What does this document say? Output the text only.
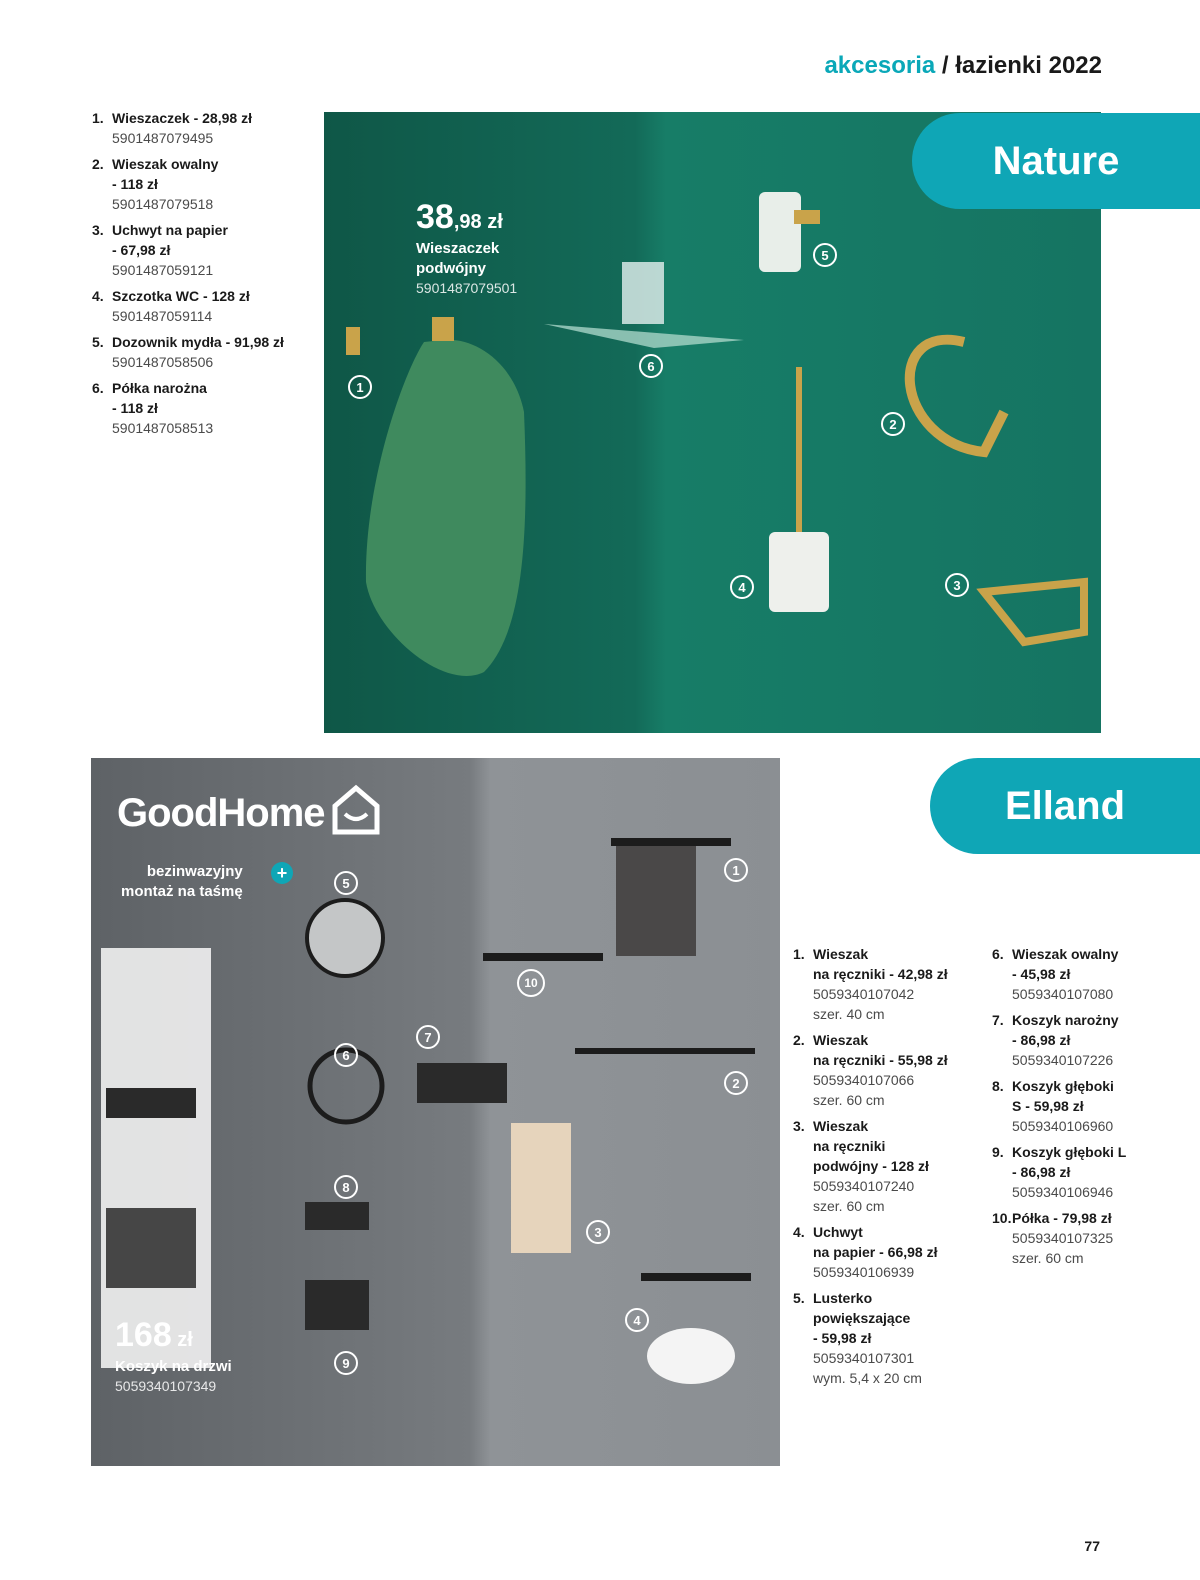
akcesoria / łazienki 2022
1. Wieszaczek - 28,98 zł
5901487079495
2. Wieszak owalny
- 118 zł
5901487079518
3. Uchwyt na papier
- 67,98 zł
5901487059121
4. Szczotka WC - 128 zł
5901487059114
5. Dozownik mydła - 91,98 zł
5901487058506
6. Półka narożna
- 118 zł
5901487058513
38,98 zł
Wieszaczek
podwójny
5901487079501
1
2
3
4
5
6
Nature
GoodHome
bezinwazyjny
montaż na taśmę
+
168 zł
Koszyk na drzwi
5059340107349
1
2
3
4
5
6
7
8
9
10
Elland
1. Wieszak
na ręczniki - 42,98 zł
5059340107042
szer. 40 cm
2. Wieszak
na ręczniki - 55,98 zł
5059340107066
szer. 60 cm
3. Wieszak
na ręczniki
podwójny - 128 zł
5059340107240
szer. 60 cm
4. Uchwyt
na papier - 66,98 zł
5059340106939
5. Lusterko
powiększające
- 59,98 zł
5059340107301
wym. 5,4 x 20 cm
6. Wieszak owalny
- 45,98 zł
5059340107080
7. Koszyk narożny
- 86,98 zł
5059340107226
8. Koszyk głęboki
S - 59,98 zł
5059340106960
9. Koszyk głęboki L
- 86,98 zł
5059340106946
10. Półka - 79,98 zł
5059340107325
szer. 60 cm
77
